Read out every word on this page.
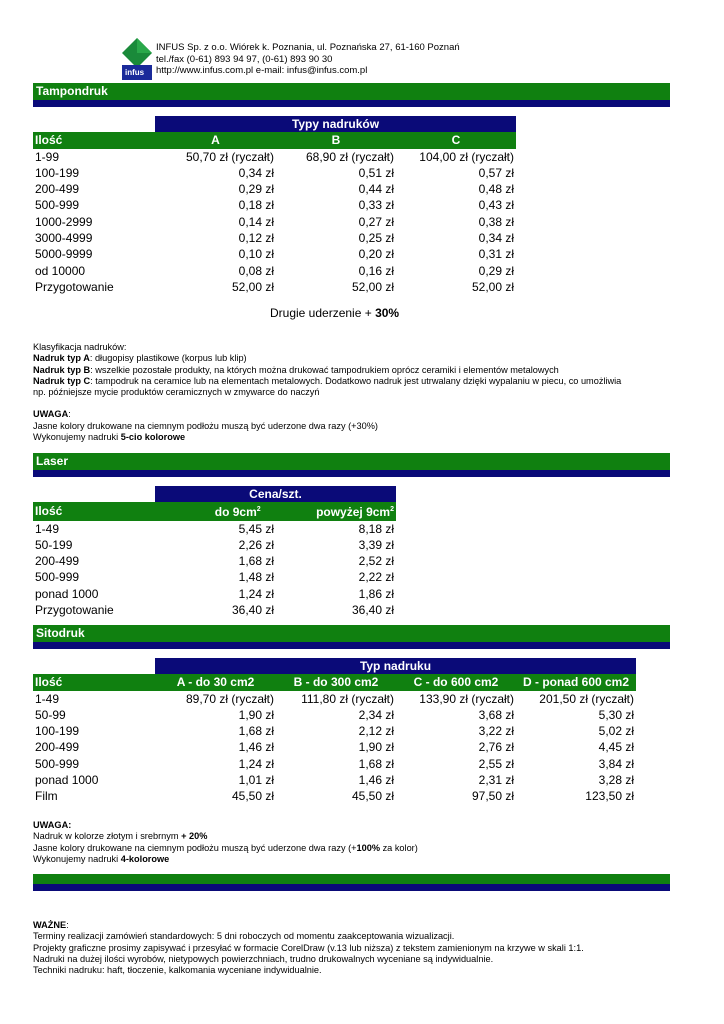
infus
INFUS Sp. z o.o. Wiórek k. Poznania, ul. Poznańska 27, 61-160 Poznań
tel./fax (0-61) 893 94 97, (0-61) 893 90 30
http://www.infus.com.pl e-mail: infus@infus.com.pl
Tampondruk
	Typy nadruków		
Ilość	A	B	C
1-99	50,70 zł (ryczałt)	68,90 zł (ryczałt)	104,00 zł (ryczałt)
100-199	0,34 zł	0,51 zł	0,57 zł
200-499	0,29 zł	0,44 zł	0,48 zł
500-999	0,18 zł	0,33 zł	0,43 zł
1000-2999	0,14 zł	0,27 zł	0,38 zł
3000-4999	0,12 zł	0,25 zł	0,34 zł
5000-9999	0,10 zł	0,20 zł	0,31 zł
od 10000	0,08 zł	0,16 zł	0,29 zł
Przygotowanie	52,00 zł	52,00 zł	52,00 zł
Drugie uderzenie + 30%

Klasyfikacja nadruków:

Nadruk typ A: długopisy plastikowe (korpus lub klip)

Nadruk typ B: wszelkie pozostałe produkty, na których można drukować tampodrukiem oprócz ceramiki i elementów metalowych

Nadruk typ C: tampodruk na ceramice lub na elementach metalowych. Dodatkowo nadruk jest utrwalany dzięki wypalaniu w piecu, co umożliwia

np. późniejsze mycie produktów ceramicznych w zmywarce do naczyń

UWAGA:

Jasne kolory drukowane na ciemnym podłożu muszą być uderzone dwa razy (+30%)

Wykonujemy nadruki 5-cio kolorowe

Laser
	Cena/szt.	
Ilość	do $9cm^2$	powyżej $9cm^2$
1-49	5,45 zł	8,18 zł
50-199	2,26 zł	3,39 zł
200-499	1,68 zł	2,52 zł
500-999	1,48 zł	2,22 zł
ponad 1000	1,24 zł	1,86 zł
Przygotowanie	36,40 zł	36,40 zł
Sitodruk
	Typ nadruku			
Ilość	A - do 30 cm2	B - do 300 cm2	C - do 600 cm2	D - ponad 600 cm2
1-49	89,70 zł (ryczałt)	111,80 zł (ryczałt)	133,90 zł (ryczałt)	201,50 zł (ryczałt)
50-99	1,90 zł	2,34 zł	3,68 zł	5,30 zł
100-199	1,68 zł	2,12 zł	3,22 zł	5,02 zł
200-499	1,46 zł	1,90 zł	2,76 zł	4,45 zł
500-999	1,24 zł	1,68 zł	2,55 zł	3,84 zł
ponad 1000	1,01 zł	1,46 zł	2,31 zł	3,28 zł
Film	45,50 zł	45,50 zł	97,50 zł	123,50 zł

UWAGA:

Nadruk w kolorze złotym i srebrnym + 20%

Jasne kolory drukowane na ciemnym podłożu muszą być uderzone dwa razy (+100% za kolor)

Wykonujemy nadruki 4-kolorowe

WAŻNE:

Terminy realizacji zamówień standardowych: 5 dni roboczych od momentu zaakceptowania wizualizacji.

Projekty graficzne prosimy zapisywać i przesyłać w formacie CorelDraw (v.13 lub niższa) z tekstem zamienionym na krzywe w skali 1:1.

Nadruki na dużej ilości wyrobów, nietypowych powierzchniach, trudno drukowalnych wyceniane są indywidualnie.

Techniki nadruku: haft, tłoczenie, kalkomania wyceniane indywidualnie.
